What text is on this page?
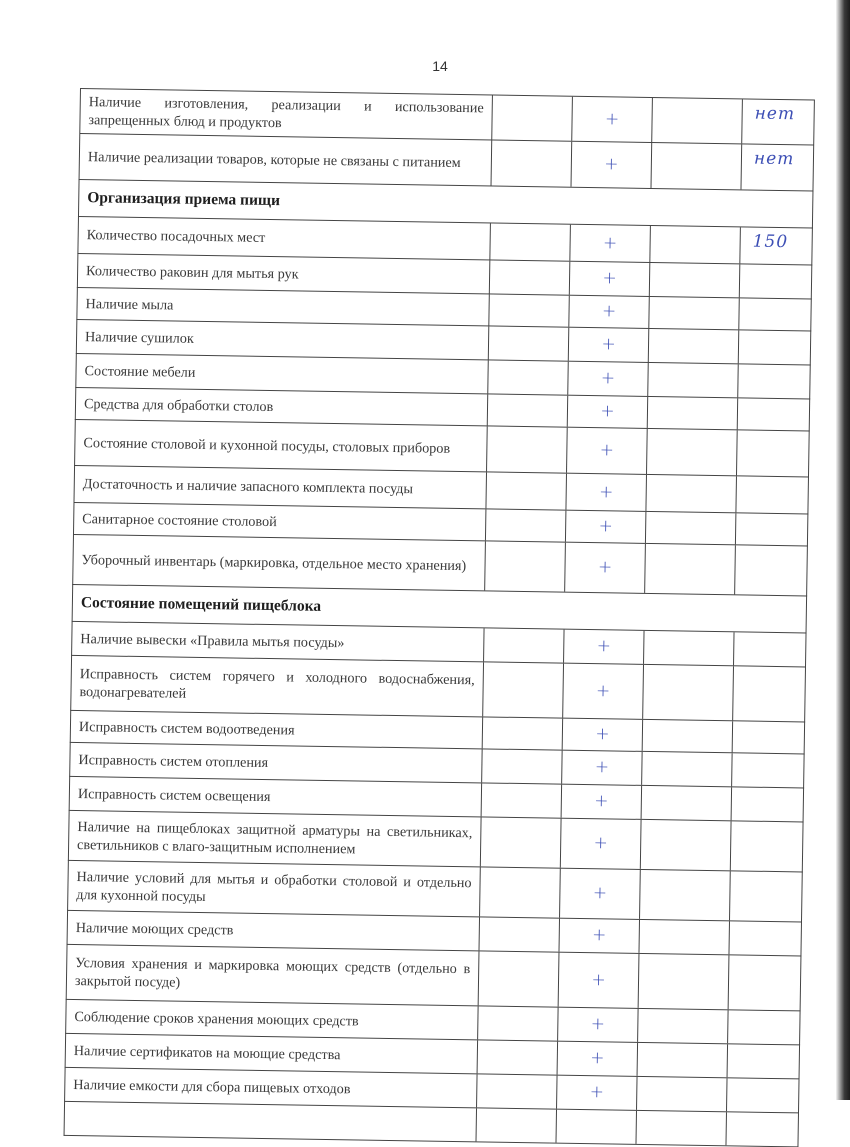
14
Наличие изготовления, реализации и использование запрещенных блюд и продуктов	+	нет
Наличие реализации товаров, которые не связаны с питанием	+	нет
Организация приема пищи
Количество посадочных мест	+	150
Количество раковин для мытья рук	+
Наличие мыла	+
Наличие сушилок	+
Состояние мебели	+
Средства для обработки столов	+
Состояние столовой и кухонной посуды, столовых приборов	+
Достаточность и наличие запасного комплекта посуды	+
Санитарное состояние столовой	+
Уборочный инвентарь (маркировка, отдельное место хранения)	+
Состояние помещений пищеблока
Наличие вывески «Правила мытья посуды»	+
Исправность систем горячего и холодного водоснабжения, водонагревателей	+
Исправность систем водоотведения	+
Исправность систем отопления	+
Исправность систем освещения	+
Наличие на пищеблоках защитной арматуры на светильниках, светильников с влаго-защитным исполнением	+
Наличие условий для мытья и обработки столовой и отдельно для кухонной посуды	+
Наличие моющих средств	+
Условия хранения и маркировка моющих средств (отдельно в закрытой посуде)	+
Соблюдение сроков хранения моющих средств	+
Наличие сертификатов на моющие средства	+
Наличие емкости для сбора пищевых отходов	+
